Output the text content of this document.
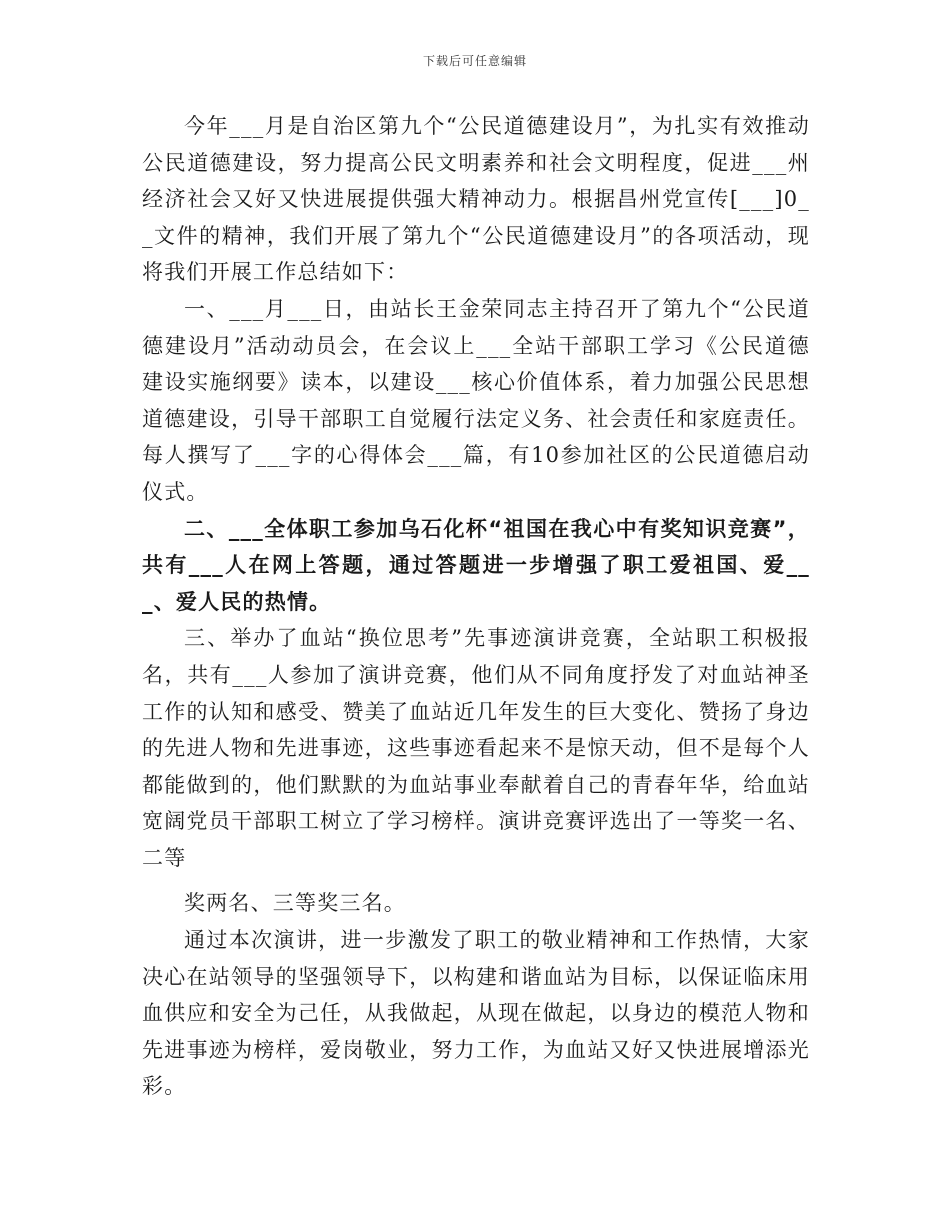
下载后可任意编辑

今年___月是自治区第九个“公民道德建设月”，为扎实有效推动公民道德建设，努力提高公民文明素养和社会文明程度，促进___州经济社会又好又快进展提供强大精神动力。根据昌州党宣传[___]0__文件的精神，我们开展了第九个“公民道德建设月”的各项活动，现将我们开展工作总结如下：

一、___月___日，由站长王金荣同志主持召开了第九个“公民道德建设月”活动动员会，在会议上___全站干部职工学习《公民道德建设实施纲要》读本，以建设___核心价值体系，着力加强公民思想道德建设，引导干部职工自觉履行法定义务、社会责任和家庭责任。每人撰写了___字的心得体会___篇，有10参加社区的公民道德启动仪式。

二、___全体职工参加乌石化杯“祖国在我心中有奖知识竞赛”，共有___人在网上答题，通过答题进一步增强了职工爱祖国、爱___、爱人民的热情。

三、举办了血站“换位思考”先事迹演讲竞赛，全站职工积极报名，共有___人参加了演讲竞赛，他们从不同角度抒发了对血站神圣工作的认知和感受、赞美了血站近几年发生的巨大变化、赞扬了身边的先进人物和先进事迹，这些事迹看起来不是惊天动，但不是每个人都能做到的，他们默默的为血站事业奉献着自己的青春年华，给血站宽阔党员干部职工树立了学习榜样。演讲竞赛评选出了一等奖一名、二等

奖两名、三等奖三名。

通过本次演讲，进一步激发了职工的敬业精神和工作热情，大家决心在站领导的坚强领导下，以构建和谐血站为目标，以保证临床用血供应和安全为己任，从我做起，从现在做起，以身边的模范人物和先进事迹为榜样，爱岗敬业，努力工作，为血站又好又快进展增添光彩。
